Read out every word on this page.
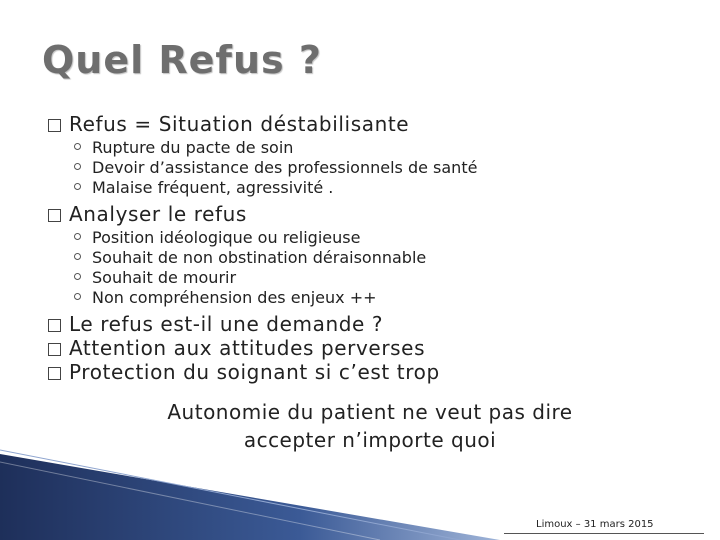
Quel Refus ?
Refus = Situation déstabilisante
Rupture du pacte de soin
Devoir d’assistance des professionnels de santé
Malaise fréquent, agressivité .
Analyser le refus
Position idéologique ou religieuse
Souhait de non obstination déraisonnable
Souhait de mourir
Non compréhension des enjeux ++
Le refus est-il une demande ?
Attention aux attitudes perverses
Protection du soignant si c’est trop
Autonomie du patient ne veut pas dire
accepter n’importe quoi
Limoux – 31 mars 2015
